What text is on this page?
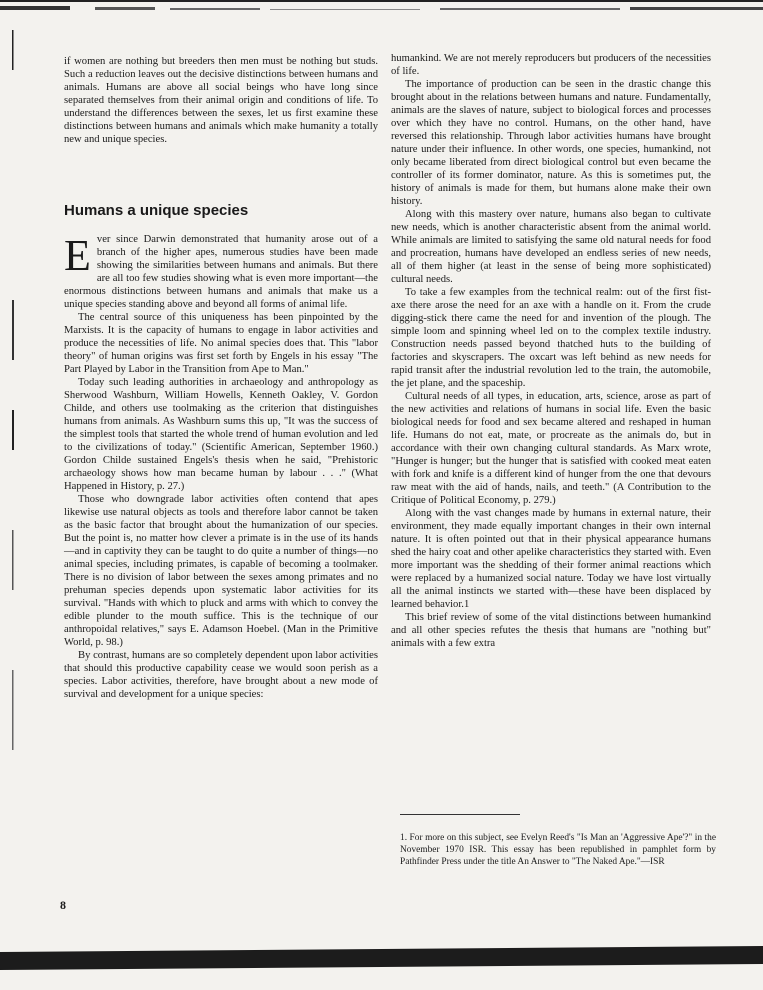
if women are nothing but breeders then men must be nothing but studs. Such a reduction leaves out the decisive distinctions between humans and animals. Humans are above all social beings who have long since separated themselves from their animal origin and conditions of life. To understand the differences between the sexes, let us first examine these distinctions between humans and animals which make humanity a totally new and unique species.

Humans a unique species

Ever since Darwin demonstrated that humanity arose out of a branch of the higher apes, numerous studies have been made showing the similarities between humans and animals. But there are all too few studies showing what is even more important—the enormous distinctions between humans and animals that make us a unique species standing above and beyond all forms of animal life.

The central source of this uniqueness has been pinpointed by the Marxists. It is the capacity of humans to engage in labor activities and produce the necessities of life. No animal species does that. This "labor theory" of human origins was first set forth by Engels in his essay "The Part Played by Labor in the Transition from Ape to Man."

Today such leading authorities in archaeology and anthropology as Sherwood Washburn, William Howells, Kenneth Oakley, V. Gordon Childe, and others use toolmaking as the criterion that distinguishes humans from animals. As Washburn sums this up, "It was the success of the simplest tools that started the whole trend of human evolution and led to the civilizations of today." (Scientific American, September 1960.) Gordon Childe sustained Engels's thesis when he said, "Prehistoric archaeology shows how man became human by labour . . ." (What Happened in History, p. 27.)

Those who downgrade labor activities often contend that apes likewise use natural objects as tools and therefore labor cannot be taken as the basic factor that brought about the humanization of our species. But the point is, no matter how clever a primate is in the use of its hands—and in captivity they can be taught to do quite a number of things—no animal species, including primates, is capable of becoming a toolmaker. There is no division of labor between the sexes among primates and no prehuman species depends upon systematic labor activities for its survival. "Hands with which to pluck and arms with which to convey the edible plunder to the mouth suffice. This is the technique of our anthropoidal relatives," says E. Adamson Hoebel. (Man in the Primitive World, p. 98.)

By contrast, humans are so completely dependent upon labor activities that should this productive capability cease we would soon perish as a species. Labor activities, therefore, have brought about a new mode of survival and development for a unique species:

humankind. We are not merely reproducers but producers of the necessities of life.

The importance of production can be seen in the drastic change this brought about in the relations between humans and nature. Fundamentally, animals are the slaves of nature, subject to biological forces and processes over which they have no control. Humans, on the other hand, have reversed this relationship. Through labor activities humans have brought nature under their influence. In other words, one species, humankind, not only became liberated from direct biological control but even became the controller of its former dominator, nature. As this is sometimes put, the history of animals is made for them, but humans alone make their own history.

Along with this mastery over nature, humans also began to cultivate new needs, which is another characteristic absent from the animal world. While animals are limited to satisfying the same old natural needs for food and procreation, humans have developed an endless series of new needs, all of them higher (at least in the sense of being more sophisticated) cultural needs.

To take a few examples from the technical realm: out of the first fist-axe there arose the need for an axe with a handle on it. From the crude digging-stick there came the need for and invention of the plough. The simple loom and spinning wheel led on to the complex textile industry. Construction needs passed beyond thatched huts to the building of factories and skyscrapers. The oxcart was left behind as new needs for rapid transit after the industrial revolution led to the train, the automobile, the jet plane, and the spaceship.

Cultural needs of all types, in education, arts, science, arose as part of the new activities and relations of humans in social life. Even the basic biological needs for food and sex became altered and reshaped in human life. Humans do not eat, mate, or procreate as the animals do, but in accordance with their own changing cultural standards. As Marx wrote, "Hunger is hunger; but the hunger that is satisfied with cooked meat eaten with fork and knife is a different kind of hunger from the one that devours raw meat with the aid of hands, nails, and teeth." (A Contribution to the Critique of Political Economy, p. 279.)

Along with the vast changes made by humans in external nature, their environment, they made equally important changes in their own internal nature. It is often pointed out that in their physical appearance humans shed the hairy coat and other apelike characteristics they started with. Even more important was the shedding of their former animal reactions which were replaced by a humanized social nature. Today we have lost virtually all the animal instincts we started with—these have been displaced by learned behavior.1

This brief review of some of the vital distinctions between humankind and all other species refutes the thesis that humans are "nothing but" animals with a few extra

1. For more on this subject, see Evelyn Reed's "Is Man an 'Aggressive Ape'?" in the November 1970 ISR. This essay has been republished in pamphlet form by Pathfinder Press under the title An Answer to "The Naked Ape."—ISR

8
